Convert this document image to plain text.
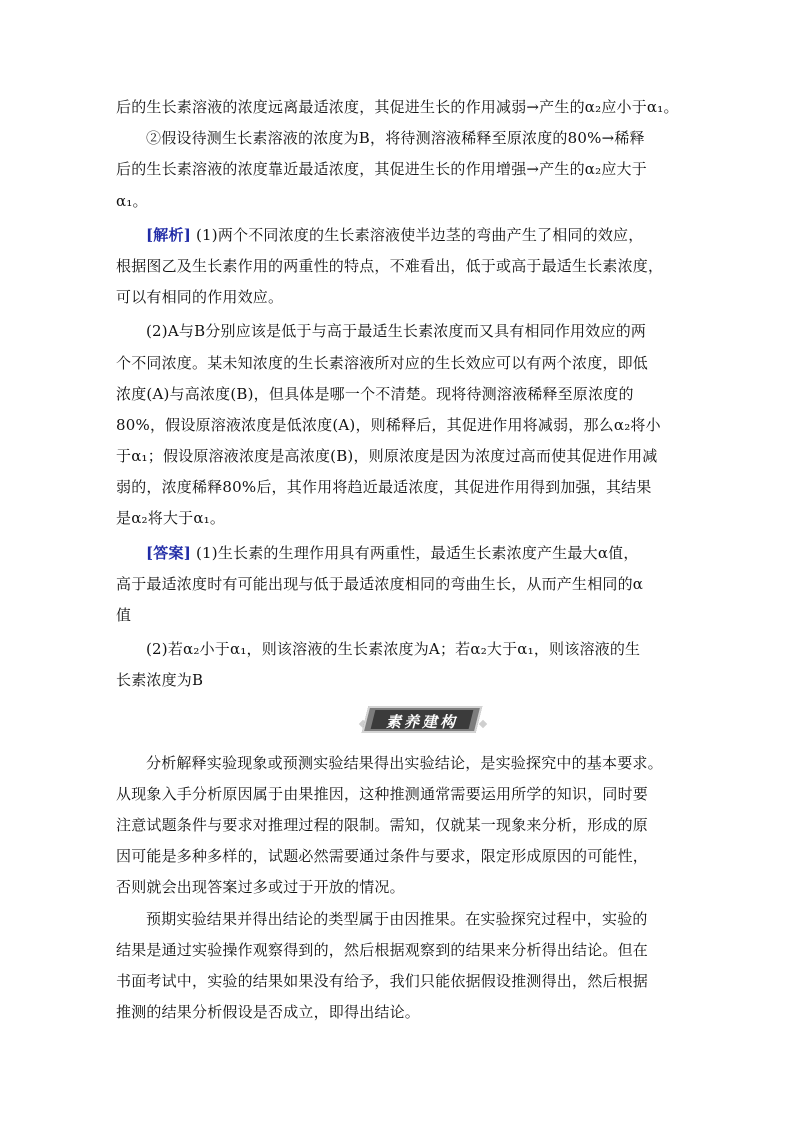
后的生长素溶液的浓度远离最适浓度，其促进生长的作用减弱→产生的α₂应小于α₁。
②假设待测生长素溶液的浓度为B，将待测溶液稀释至原浓度的80%→稀释
后的生长素溶液的浓度靠近最适浓度，其促进生长的作用增强→产生的α₂应大于
α₁。
[解析] (1)两个不同浓度的生长素溶液使半边茎的弯曲产生了相同的效应，
根据图乙及生长素作用的两重性的特点，不难看出，低于或高于最适生长素浓度，
可以有相同的作用效应。
(2)A与B分别应该是低于与高于最适生长素浓度而又具有相同作用效应的两
个不同浓度。某未知浓度的生长素溶液所对应的生长效应可以有两个浓度，即低
浓度(A)与高浓度(B)，但具体是哪一个不清楚。现将待测溶液稀释至原浓度的
80%，假设原溶液浓度是低浓度(A)，则稀释后，其促进作用将减弱，那么α₂将小
于α₁；假设原溶液浓度是高浓度(B)，则原浓度是因为浓度过高而使其促进作用减
弱的，浓度稀释80%后，其作用将趋近最适浓度，其促进作用得到加强，其结果
是α₂将大于α₁。
[答案] (1)生长素的生理作用具有两重性，最适生长素浓度产生最大α值，
高于最适浓度时有可能出现与低于最适浓度相同的弯曲生长，从而产生相同的α
值
(2)若α₂小于α₁，则该溶液的生长素浓度为A；若α₂大于α₁，则该溶液的生
长素浓度为B
素养建构
分析解释实验现象或预测实验结果得出实验结论，是实验探究中的基本要求。
从现象入手分析原因属于由果推因，这种推测通常需要运用所学的知识，同时要
注意试题条件与要求对推理过程的限制。需知，仅就某一现象来分析，形成的原
因可能是多种多样的，试题必然需要通过条件与要求，限定形成原因的可能性，
否则就会出现答案过多或过于开放的情况。
预期实验结果并得出结论的类型属于由因推果。在实验探究过程中，实验的
结果是通过实验操作观察得到的，然后根据观察到的结果来分析得出结论。但在
书面考试中，实验的结果如果没有给予，我们只能依据假设推测得出，然后根据
推测的结果分析假设是否成立，即得出结论。
